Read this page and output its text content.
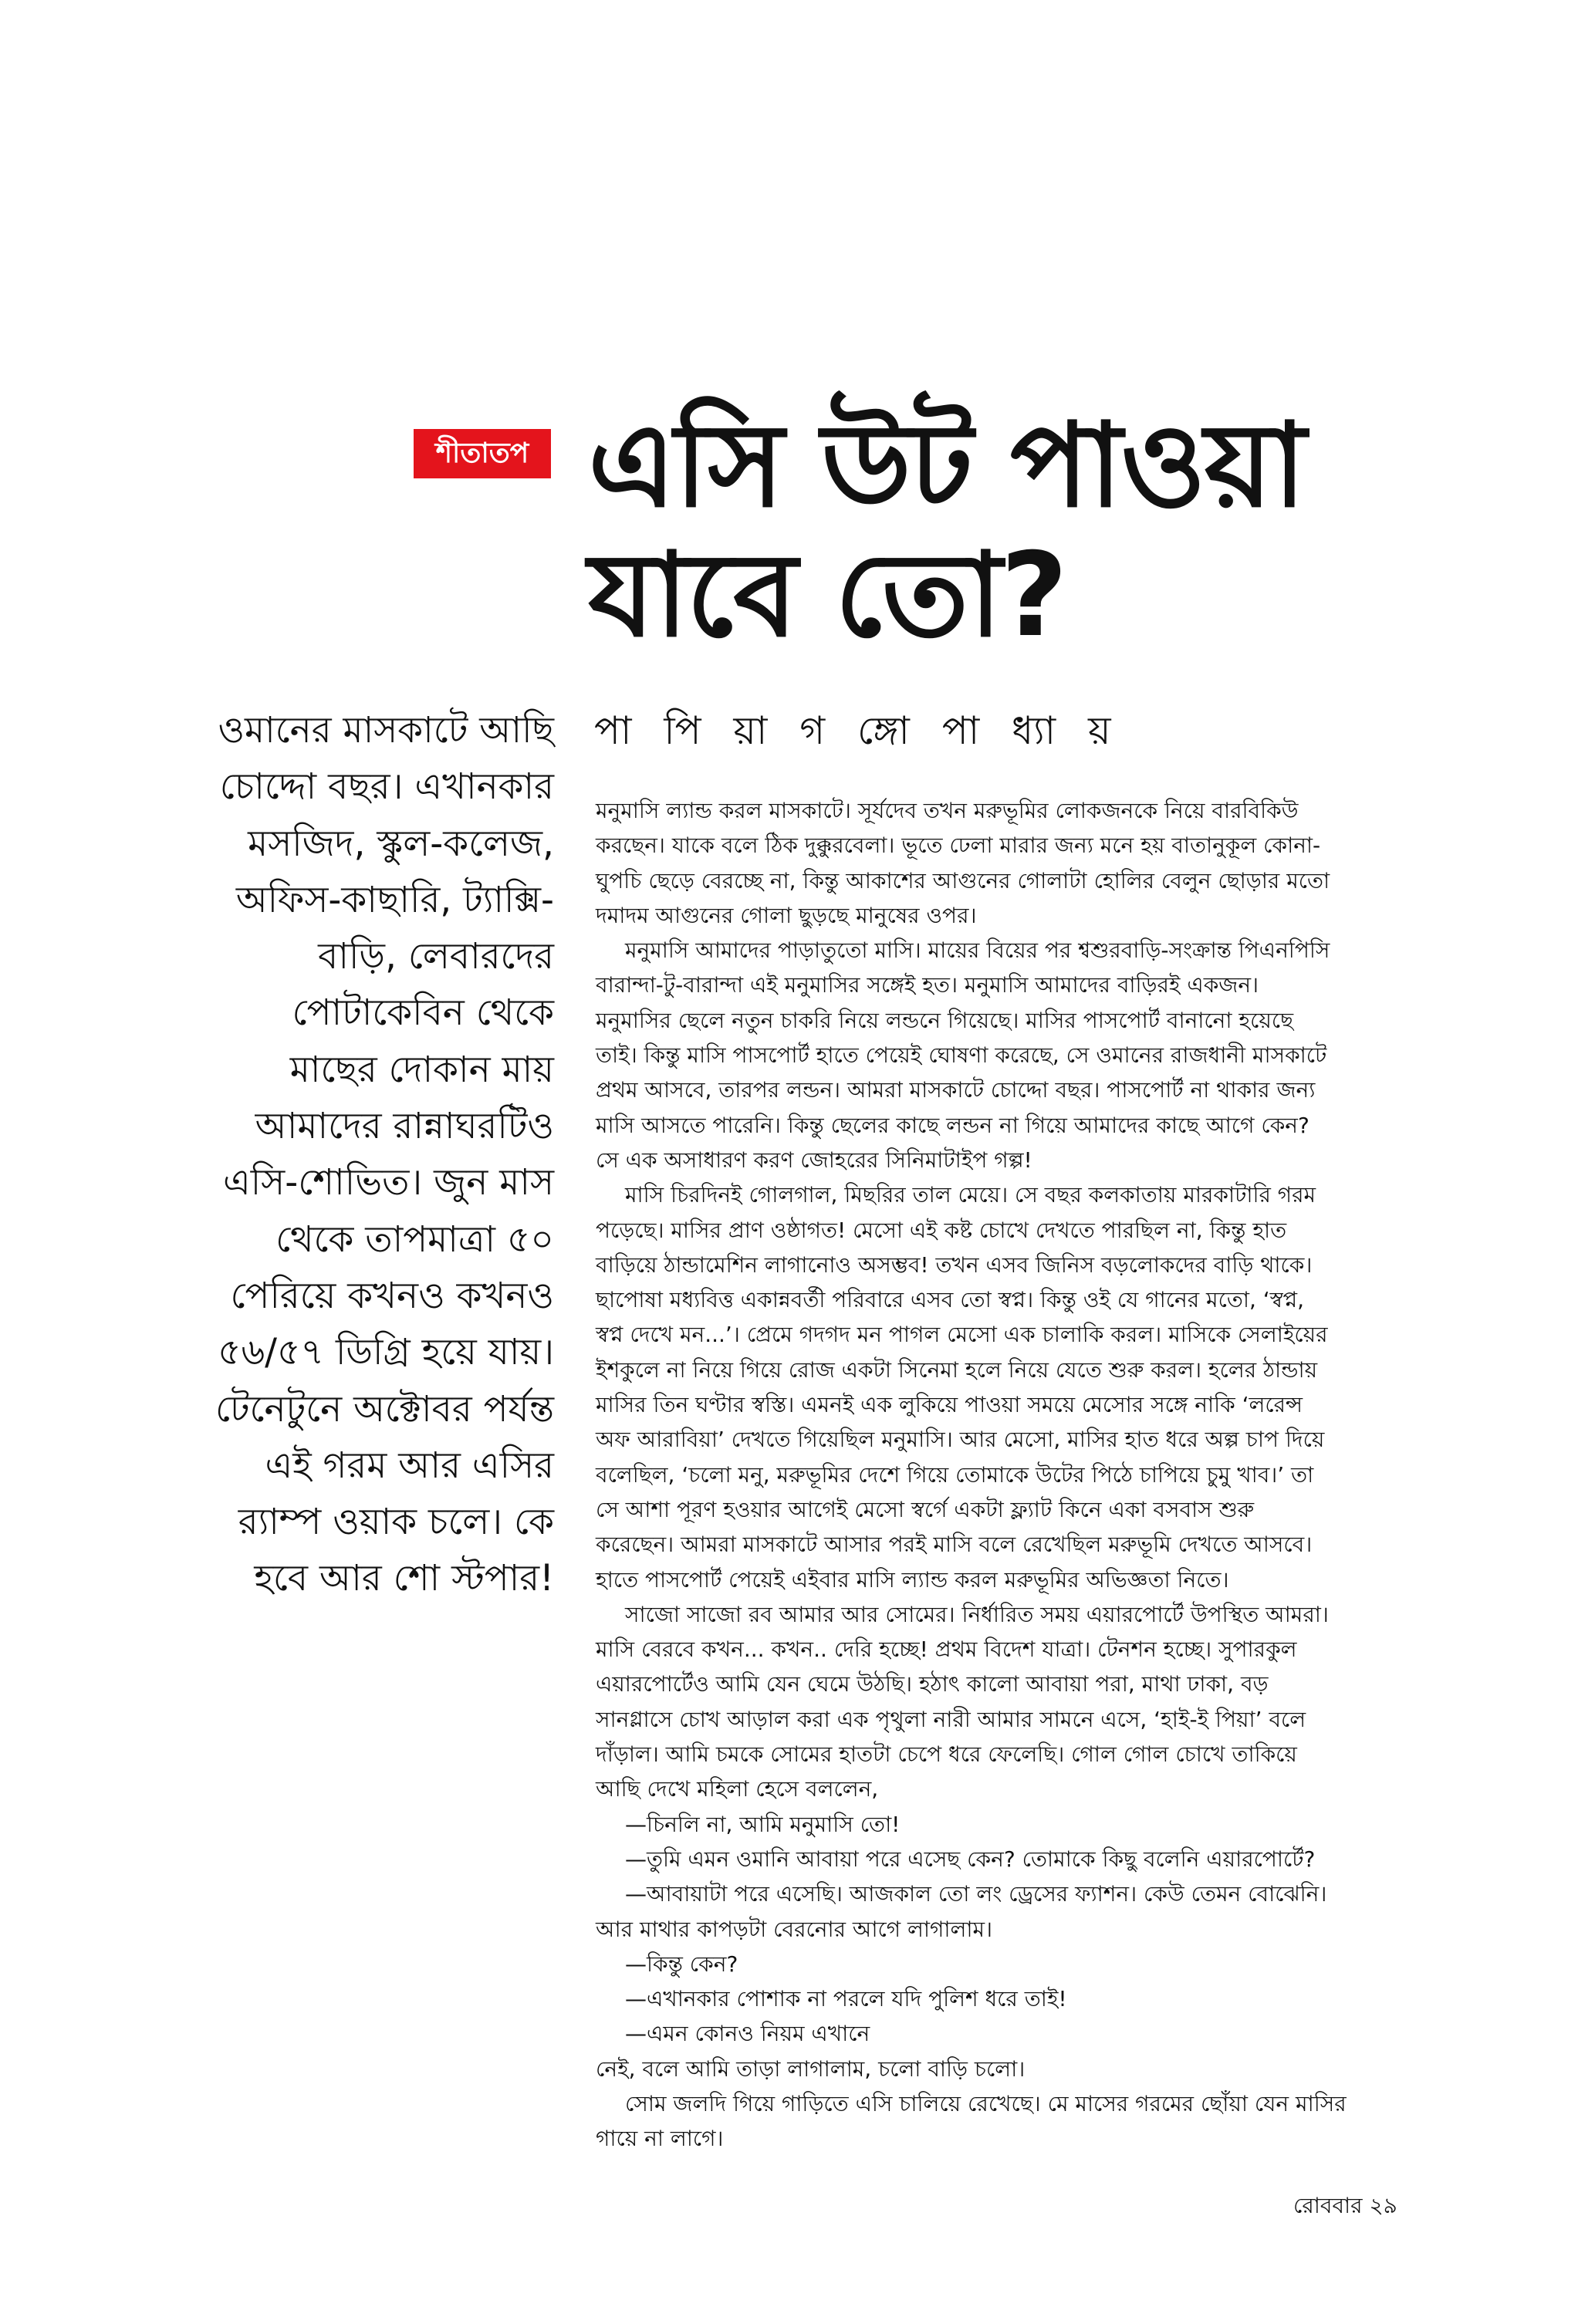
শীতাতপ এসি উট পাওয়া
যাবে তো?
ওমানের মাসকাটে আছি
চোদ্দো বছর। এখানকার
মসজিদ, স্কুল-কলেজ,
অফিস-কাছারি, ট্যাক্সি-
বাড়ি, লেবারদের
পোটাকেবিন থেকে
মাছের দোকান মায়
আমাদের রান্নাঘরটিও
এসি-শোভিত। জুন মাস
থেকে তাপমাত্রা ৫০
পেরিয়ে কখনও কখনও
৫৬/৫৭ ডিগ্রি হয়ে যায়।
টেনেটুনে অক্টোবর পর্যন্ত
এই গরম আর এসির
র‍্যাম্প ওয়াক চলে। কে
হবে আর শো স্টপার!
পা পি য়া গ ঙ্গো পা ধ্যা য়

মনুমাসি ল্যান্ড করল মাসকাটে। সূর্যদেব তখন মরুভূমির লোকজনকে নিয়ে বারবিকিউ
করছেন। যাকে বলে ঠিক দুক্কুরবেলা। ভূতে ঢেলা মারার জন্য মনে হয় বাতানুকূল কোনা-
ঘুপচি ছেড়ে বেরচ্ছে না, কিন্তু আকাশের আগুনের গোলাটা হোলির বেলুন ছোড়ার মতো
দমাদম আগুনের গোলা ছুড়ছে মানুষের ওপর।

মনুমাসি আমাদের পাড়াতুতো মাসি। মায়ের বিয়ের পর শ্বশুরবাড়ি-সংক্রান্ত পিএনপিসি
বারান্দা-টু-বারান্দা এই মনুমাসির সঙ্গেই হত। মনুমাসি আমাদের বাড়িরই একজন।
মনুমাসির ছেলে নতুন চাকরি নিয়ে লন্ডনে গিয়েছে। মাসির পাসপোর্ট বানানো হয়েছে
তাই। কিন্তু মাসি পাসপোর্ট হাতে পেয়েই ঘোষণা করেছে, সে ওমানের রাজধানী মাসকাটে
প্রথম আসবে, তারপর লন্ডন। আমরা মাসকাটে চোদ্দো বছর। পাসপোর্ট না থাকার জন্য
মাসি আসতে পারেনি। কিন্তু ছেলের কাছে লন্ডন না গিয়ে আমাদের কাছে আগে কেন?
সে এক অসাধারণ করণ জোহরের সিনিমাটাইপ গল্প!

মাসি চিরদিনই গোলগাল, মিছরির তাল মেয়ে। সে বছর কলকাতায় মারকাটারি গরম
পড়েছে। মাসির প্রাণ ওষ্ঠাগত! মেসো এই কষ্ট চোখে দেখতে পারছিল না, কিন্তু হাত
বাড়িয়ে ঠান্ডামেশিন লাগানোও অসম্ভব! তখন এসব জিনিস বড়লোকদের বাড়ি থাকে।
ছাপোষা মধ্যবিত্ত একান্নবর্তী পরিবারে এসব তো স্বপ্ন। কিন্তু ওই যে গানের মতো, ‘স্বপ্ন,
স্বপ্ন দেখে মন...’। প্রেমে গদগদ মন পাগল মেসো এক চালাকি করল। মাসিকে সেলাইয়ের
ইশকুলে না নিয়ে গিয়ে রোজ একটা সিনেমা হলে নিয়ে যেতে শুরু করল। হলের ঠান্ডায়
মাসির তিন ঘণ্টার স্বস্তি। এমনই এক লুকিয়ে পাওয়া সময়ে মেসোর সঙ্গে নাকি ‘লরেন্স
অফ আরাবিয়া’ দেখতে গিয়েছিল মনুমাসি। আর মেসো, মাসির হাত ধরে অল্প চাপ দিয়ে
বলেছিল, ‘চলো মনু, মরুভূমির দেশে গিয়ে তোমাকে উটের পিঠে চাপিয়ে চুমু খাব।’ তা
সে আশা পূরণ হওয়ার আগেই মেসো স্বর্গে একটা ফ্ল্যাট কিনে একা বসবাস শুরু
করেছেন। আমরা মাসকাটে আসার পরই মাসি বলে রেখেছিল মরুভূমি দেখতে আসবে।
হাতে পাসপোর্ট পেয়েই এইবার মাসি ল্যান্ড করল মরুভূমির অভিজ্ঞতা নিতে।

সাজো সাজো রব আমার আর সোমের। নির্ধারিত সময় এয়ারপোর্টে উপস্থিত আমরা।
মাসি বেরবে কখন... কখন.. দেরি হচ্ছে! প্রথম বিদেশ যাত্রা। টেনশন হচ্ছে। সুপারকুল
এয়ারপোর্টেও আমি যেন ঘেমে উঠছি। হঠাৎ কালো আবায়া পরা, মাথা ঢাকা, বড়
সানগ্লাসে চোখ আড়াল করা এক পৃথুলা নারী আমার সামনে এসে, ‘হাই-ই পিয়া’ বলে
দাঁড়াল। আমি চমকে সোমের হাতটা চেপে ধরে ফেলেছি। গোল গোল চোখে তাকিয়ে
আছি দেখে মহিলা হেসে বললেন,

—চিনলি না, আমি মনুমাসি তো!

—তুমি এমন ওমানি আবায়া পরে এসেছ কেন? তোমাকে কিছু বলেনি এয়ারপোর্টে?

—আবায়াটা পরে এসেছি। আজকাল তো লং ড্রেসের ফ্যাশন। কেউ তেমন বোঝেনি।
আর মাথার কাপড়টা বেরনোর আগে লাগালাম।

—কিন্তু কেন?

—এখানকার পোশাক না পরলে যদি পুলিশ ধরে তাই!

—এমন কোনও নিয়ম এখানে
নেই, বলে আমি তাড়া লাগালাম, চলো বাড়ি চলো।

সোম জলদি গিয়ে গাড়িতে এসি চালিয়ে রেখেছে। মে মাসের গরমের ছোঁয়া যেন মাসির
গায়ে না লাগে।

রোববার ২৯
